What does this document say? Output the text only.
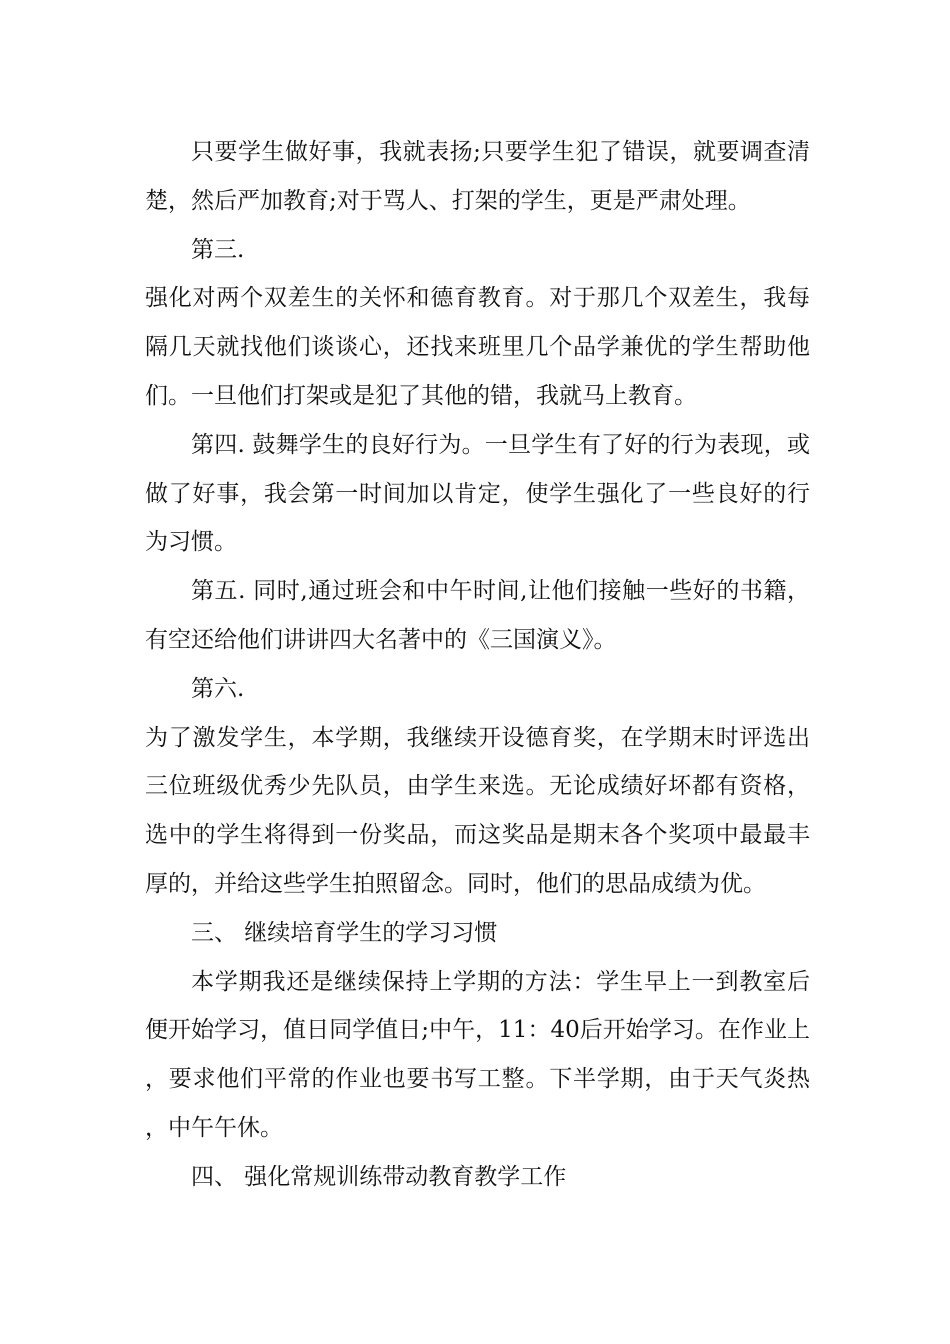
只要学生做好事，我就表扬;只要学生犯了错误，就要调查清楚，然后严加教育;对于骂人、打架的学生，更是严肃处理。

第三.

强化对两个双差生的关怀和德育教育。对于那几个双差生，我每隔几天就找他们谈谈心，还找来班里几个品学兼优的学生帮助他们。一旦他们打架或是犯了其他的错，我就马上教育。

第四. 鼓舞学生的良好行为。一旦学生有了好的行为表现，或做了好事，我会第一时间加以肯定，使学生强化了一些良好的行为习惯。

第五. 同时,通过班会和中午时间,让他们接触一些好的书籍，有空还给他们讲讲四大名著中的《三国演义》。

第六.

为了激发学生，本学期，我继续开设德育奖，在学期末时评选出三位班级优秀少先队员，由学生来选。无论成绩好坏都有资格，选中的学生将得到一份奖品，而这奖品是期末各个奖项中最最丰厚的，并给这些学生拍照留念。同时，他们的思品成绩为优。

三、 继续培育学生的学习习惯

本学期我还是继续保持上学期的方法：学生早上一到教室后便开始学习，值日同学值日;中午，11：40后开始学习。在作业上，要求他们平常的作业也要书写工整。下半学期，由于天气炎热，中午午休。

四、 强化常规训练带动教育教学工作
